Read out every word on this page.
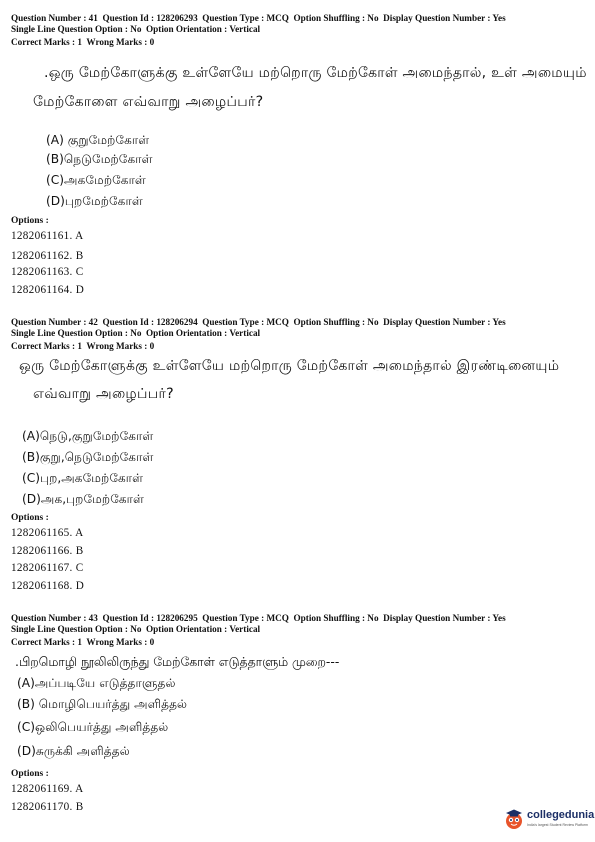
Question Number : 41  Question Id : 128206293  Question Type : MCQ  Option Shuffling : No  Display Question Number : Yes
Single Line Question Option : No  Option Orientation : Vertical
Correct Marks : 1  Wrong Marks : 0
.ஒரு மேற்கோளுக்கு உள்ளேயே மற்றொரு மேற்கோள் அமைந்தால், உள் அமையும்
மேற்கோளை எவ்வாறு அழைப்பர்?
(A) குறுமேற்கோள்
(B)நெடுமேற்கோள்
(C)அகமேற்கோள்
(D)புறமேற்கோள்
Options :
1282061161. A
1282061162. B
1282061163. C
1282061164. D
Question Number : 42  Question Id : 128206294  Question Type : MCQ  Option Shuffling : No  Display Question Number : Yes
Single Line Question Option : No  Option Orientation : Vertical
Correct Marks : 1  Wrong Marks : 0
ஒரு மேற்கோளுக்கு உள்ளேயே மற்றொரு மேற்கோள் அமைந்தால் இரண்டினையும்
எவ்வாறு அழைப்பர்?
(A)நெடு,குறுமேற்கோள்
(B)குறு,நெடுமேற்கோள்
(C)புற,அகமேற்கோள்
(D)அக,புறமேற்கோள்
Options :
1282061165. A
1282061166. B
1282061167. C
1282061168. D
Question Number : 43  Question Id : 128206295  Question Type : MCQ  Option Shuffling : No  Display Question Number : Yes
Single Line Question Option : No  Option Orientation : Vertical
Correct Marks : 1  Wrong Marks : 0
.பிறமொழி நூலிலிருந்து மேற்கோள் எடுத்தாளும் முறை---
(A)அப்படியே எடுத்தாளுதல்
(B) மொழிபெயர்த்து அளித்தல்
(C)ஒலிபெயர்த்து அளித்தல்
(D)சுருக்கி அளித்தல்
Options :
1282061169. A
1282061170. B
collegedunia
India's largest Student Review Platform
